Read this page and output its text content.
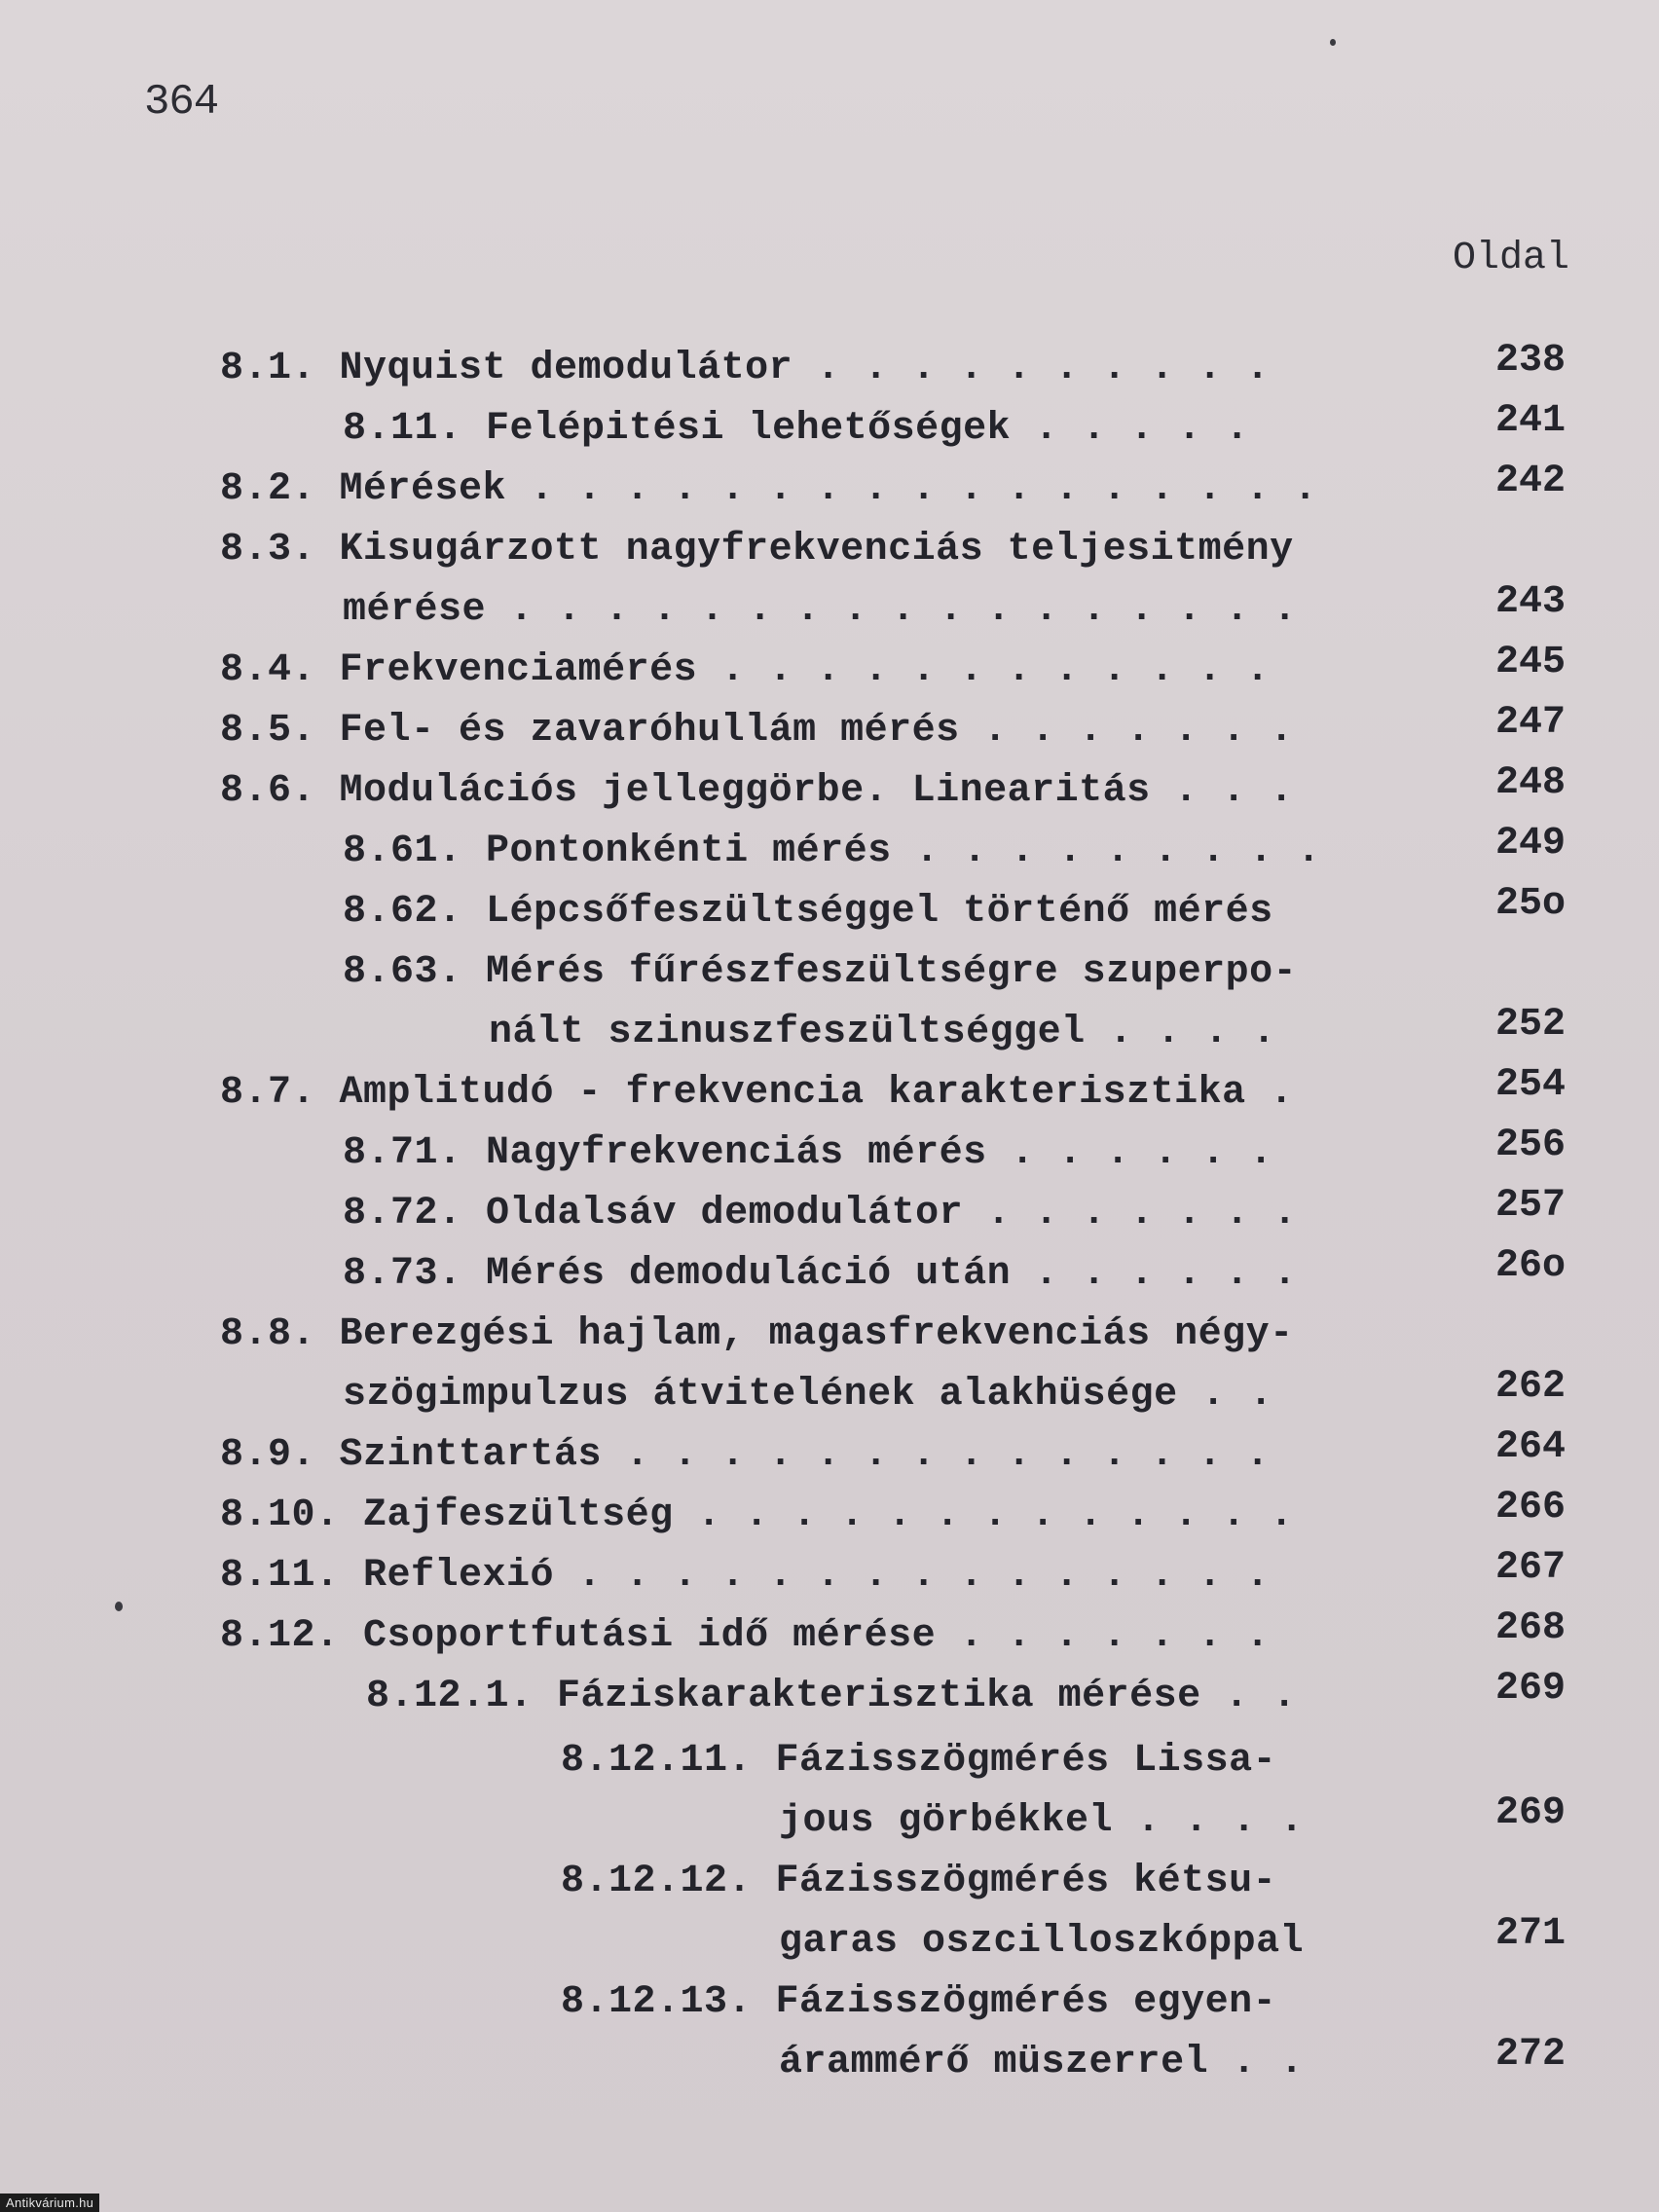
364
Oldal
8.1. Nyquist demodulátor . . . . . . . . . .	238
8.11. Felépitési lehetőségek . . . . .	241
8.2. Mérések . . . . . . . . . . . . . . . . .	242
8.3. Kisugárzott nagyfrekvenciás teljesitmény
mérése . . . . . . . . . . . . . . . . .	243
8.4. Frekvenciamérés . . . . . . . . . . . .	245
8.5. Fel- és zavaróhullám mérés . . . . . . .	247
8.6. Modulációs jelleggörbe. Linearitás . . .	248
8.61. Pontonkénti mérés . . . . . . . . .	249
8.62. Lépcsőfeszültséggel történő mérés	25o
8.63. Mérés fűrészfeszültségre szuperpo-
nált szinuszfeszültséggel . . . .	252
8.7. Amplitudó - frekvencia karakterisztika .	254
8.71. Nagyfrekvenciás mérés . . . . . .	256
8.72. Oldalsáv demodulátor . . . . . . .	257
8.73. Mérés demoduláció után . . . . . .	26o
8.8. Berezgési hajlam, magasfrekvenciás négy-
szögimpulzus átvitelének alakhüsége . .	262
8.9. Szinttartás . . . . . . . . . . . . . .	264
8.10. Zajfeszültség . . . . . . . . . . . . .	266
8.11. Reflexió . . . . . . . . . . . . . . .	267
8.12. Csoportfutási idő mérése . . . . . . .	268
8.12.1. Fáziskarakterisztika mérése . .	269
8.12.11. Fázisszögmérés Lissa-
jous görbékkel . . . .	269
8.12.12. Fázisszögmérés kétsu-
garas oszcilloszkóppal	271
8.12.13. Fázisszögmérés egyen-
árammérő müszerrel . .	272
Antikvárium.hu
